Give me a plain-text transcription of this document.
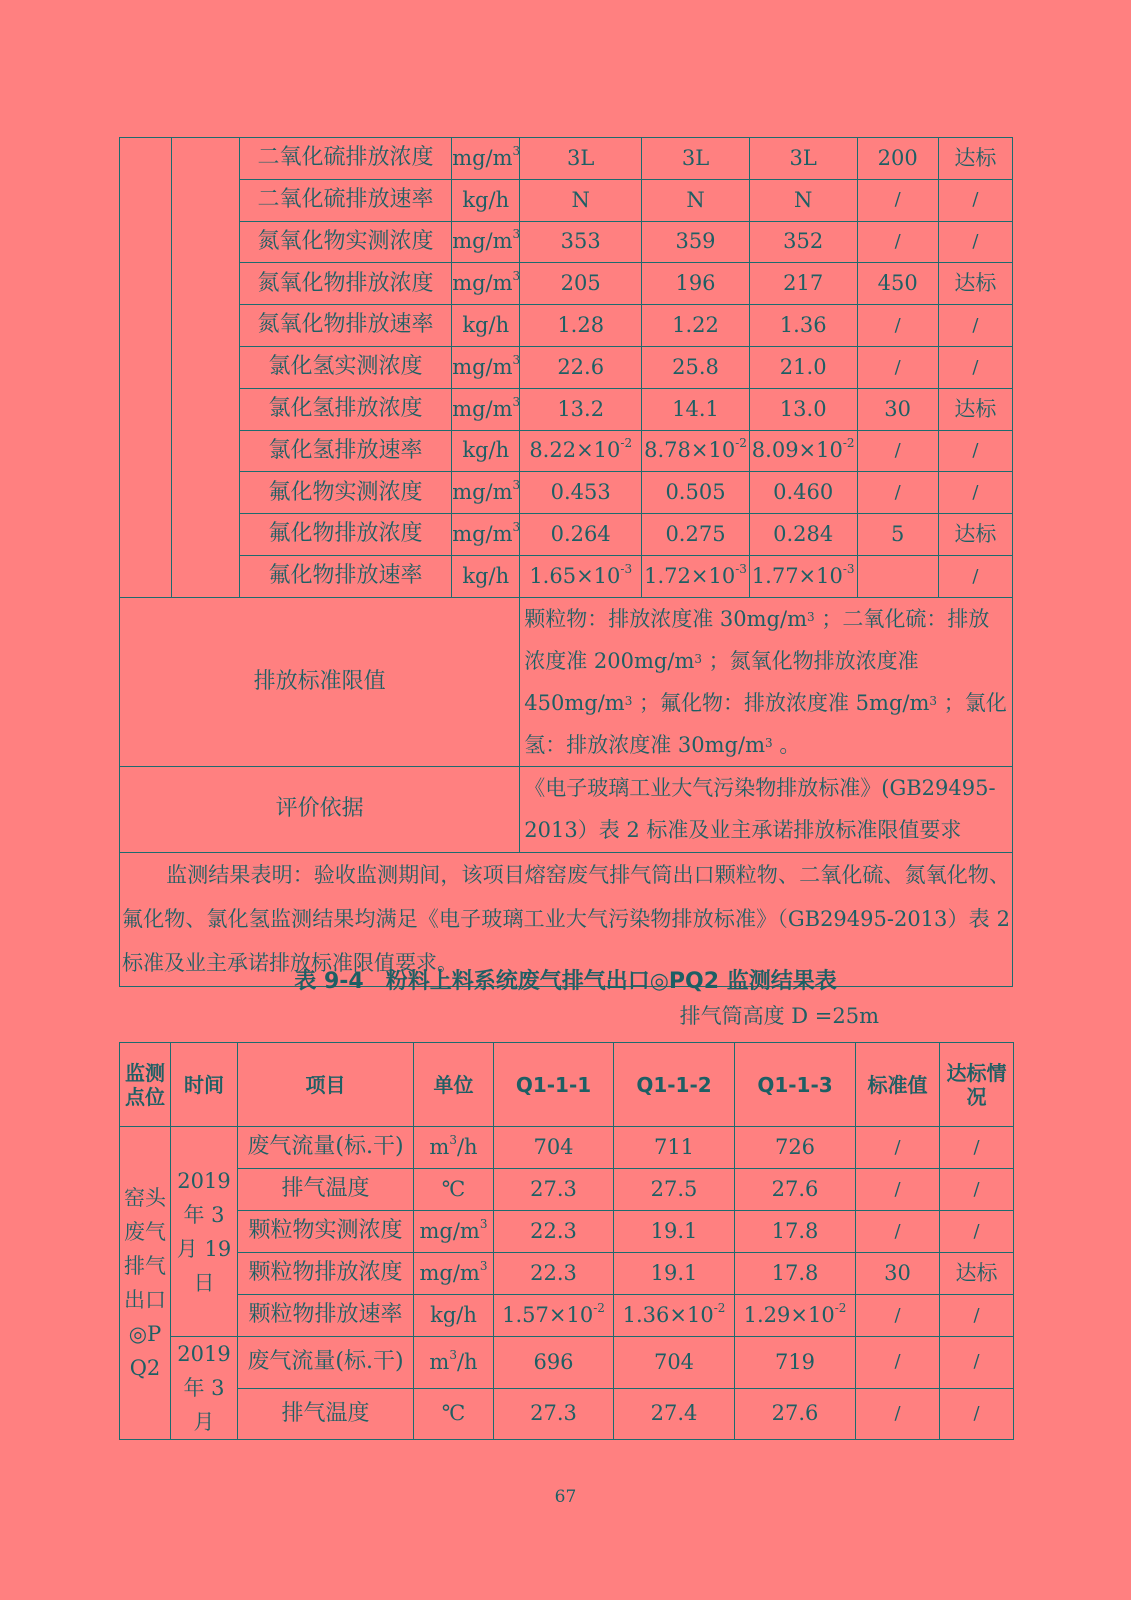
		二氧化硫排放浓度	$mg/m^3$	3L	3L	3L	200	达标
		二氧化硫排放速率	kg/h	N	N	N	/	/
		氮氧化物实测浓度	$mg/m^3$	353	359	352	/	/
		氮氧化物排放浓度	$mg/m^3$	205	196	217	450	达标
		氮氧化物排放速率	kg/h	1.28	1.22	1.36	/	/
		氯化氢实测浓度	$mg/m^3$	22.6	25.8	21.0	/	/
		氯化氢排放浓度	$mg/m^3$	13.2	14.1	13.0	30	达标
		氯化氢排放速率	kg/h	$8.22\times 10^{-2}$	$8.78\times 10^{-2}$	$8.09\times 10^{-2}$	/	/
		氟化物实测浓度	$mg/m^3$	0.453	0.505	0.460	/	/
		氟化物排放浓度	$mg/m^3$	0.264	0.275	0.284	5	达标
		氟化物排放速率	kg/h	$1.65\times 10^{-3}$	$1.72\times 10^{-3}$	$1.77\times 10^{-3}$		/
排放标准限值				颗粒物：排放浓度准 $30mg/m^3$ ；二氧化硫：排放浓度准 $200mg/m^3$ ；氮氧化物排放浓度准 $450mg/m^3$ ；氟化物：排放浓度准 $5mg/m^3$ ；氯化氢：排放浓度准 $30mg/m^3$ 。				
评价依据				《电子玻璃工业大气污染物排放标准》(GB29495-2013）表 2 标准及业主承诺排放标准限值要求				
监测结果表明：验收监测期间，该项目熔窑废气排气筒出口颗粒物、二氧化硫、氮氧化物、氟化物、氯化氢监测结果均满足《电子玻璃工业大气污染物排放标准》（GB29495-2013）表 2 标准及业主承诺排放标准限值要求。								
表 9-4　粉料上料系统废气排气出口◎PQ2 监测结果表
排气筒高度 D =25m
监测点位	时间	项目	单位	Q1-1-1	Q1-1-2	Q1-1-3	标准值	达标情况
窑头废气排气出口◎PQ2	2019 年 3 月 19 日	废气流量(标.干)	$m^3/h$	704	711	726	/	/
		排气温度	℃	27.3	27.5	27.6	/	/
		颗粒物实测浓度	$mg/m^3$	22.3	19.1	17.8	/	/
		颗粒物排放浓度	$mg/m^3$	22.3	19.1	17.8	30	达标
		颗粒物排放速率	kg/h	$1.57\times 10^{-2}$	$1.36\times 10^{-2}$	$1.29\times 10^{-2}$	/	/
	2019 年 3 月	废气流量(标.干)	$m^3/h$	696	704	719	/	/
		排气温度	℃	27.3	27.4	27.6	/	/
67
